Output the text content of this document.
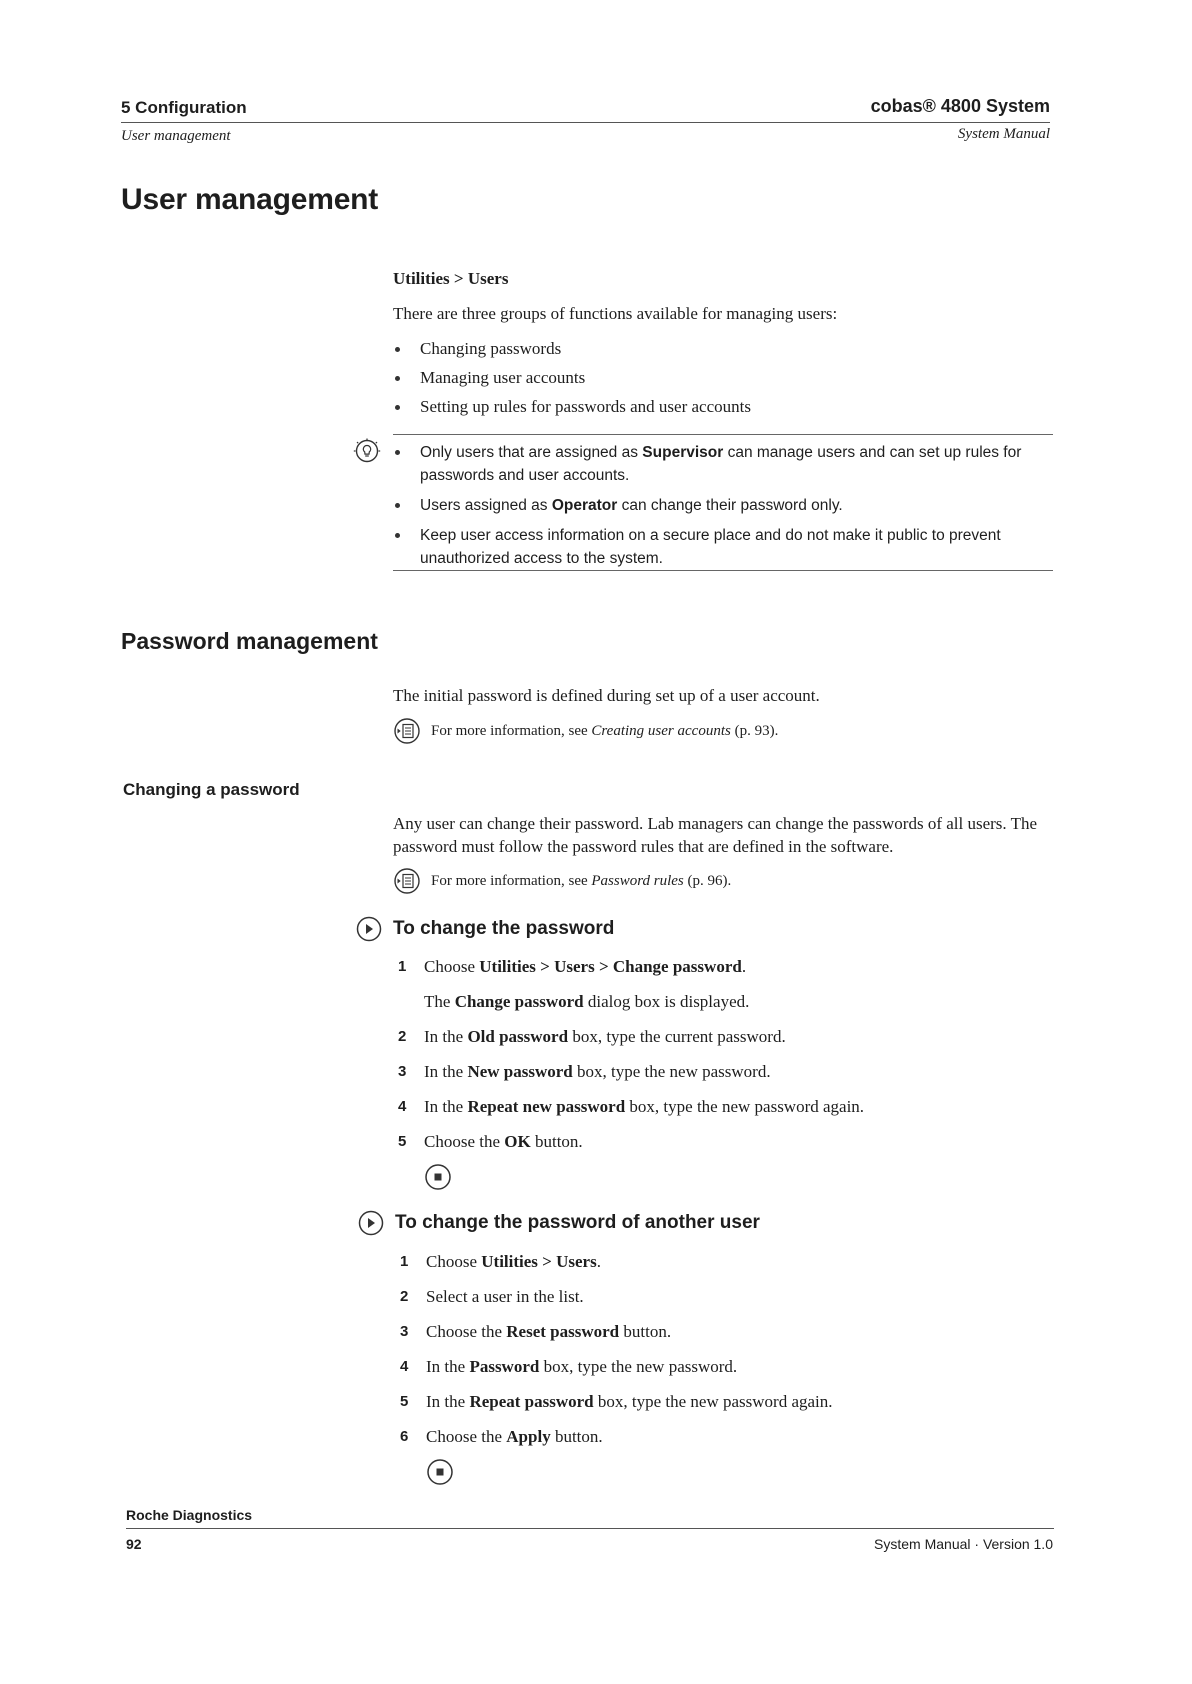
5 Configuration	cobas® 4800 System
User management	System Manual
User management

Utilities > Users

There are three groups of functions available for managing users:

Changing passwords
Managing user accounts
Setting up rules for passwords and user accounts
Only users that are assigned as Supervisor can manage users and can set up rules for passwords and user accounts.
Users assigned as Operator can change their password only.
Keep user access information on a secure place and do not make it public to prevent unauthorized access to the system.
Password management

The initial password is defined during set up of a user account.

For more information, see Creating user accounts (p. 93).
Changing a password

Any user can change their password. Lab managers can change the passwords of all users. The password must follow the password rules that are defined in the software.

For more information, see Password rules (p. 96).
To change the password
1 Choose Utilities > Users > Change password.
The Change password dialog box is displayed.
2 In the Old password box, type the current password.
3 In the New password box, type the new password.
4 In the Repeat new password box, type the new password again.
5 Choose the OK button.
To change the password of another user
1 Choose Utilities > Users.
2 Select a user in the list.
3 Choose the Reset password button.
4 In the Password box, type the new password.
5 In the Repeat password box, type the new password again.
6 Choose the Apply button.
Roche Diagnostics
92	System Manual · Version 1.0
